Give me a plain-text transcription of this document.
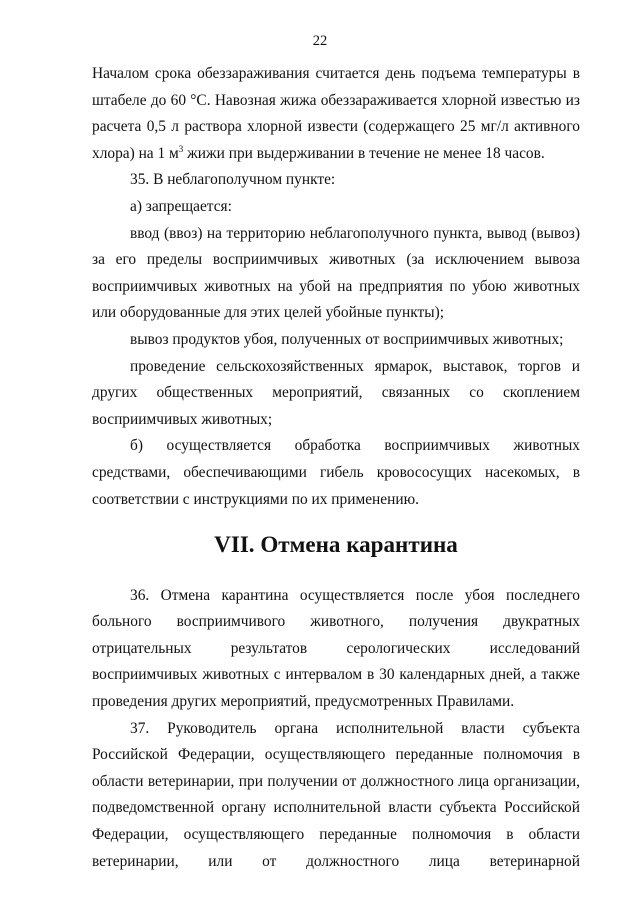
22

Началом срока обеззараживания считается день подъема температуры в штабеле до 60 °С. Навозная жижа обеззараживается хлорной известью из расчета 0,5 л раствора хлорной извести (содержащего 25 мг/л активного хлора) на 1 $м^3$ жижи при выдерживании в течение не менее 18 часов.

35. В неблагополучном пункте:

а) запрещается:

ввод (ввоз) на территорию неблагополучного пункта, вывод (вывоз) за его пределы восприимчивых животных (за исключением вывоза восприимчивых животных на убой на предприятия по убою животных или оборудованные для этих целей убойные пункты);

вывоз продуктов убоя, полученных от восприимчивых животных;

проведение сельскохозяйственных ярмарок, выставок, торгов и других общественных мероприятий, связанных со скоплением восприимчивых животных;

б) осуществляется обработка восприимчивых животных средствами, обеспечивающими гибель кровососущих насекомых, в соответствии с инструкциями по их применению.

VII. Отмена карантина

36. Отмена карантина осуществляется после убоя последнего больного восприимчивого животного, получения двукратных отрицательных результатов серологических исследований восприимчивых животных с интервалом в 30 календарных дней, а также проведения других мероприятий, предусмотренных Правилами.

37. Руководитель органа исполнительной власти субъекта Российской Федерации, осуществляющего переданные полномочия в области ветеринарии, при получении от должностного лица организации, подведомственной органу исполнительной власти субъекта Российской Федерации, осуществляющего переданные полномочия в области ветеринарии, или от должностного лица ветеринарной
